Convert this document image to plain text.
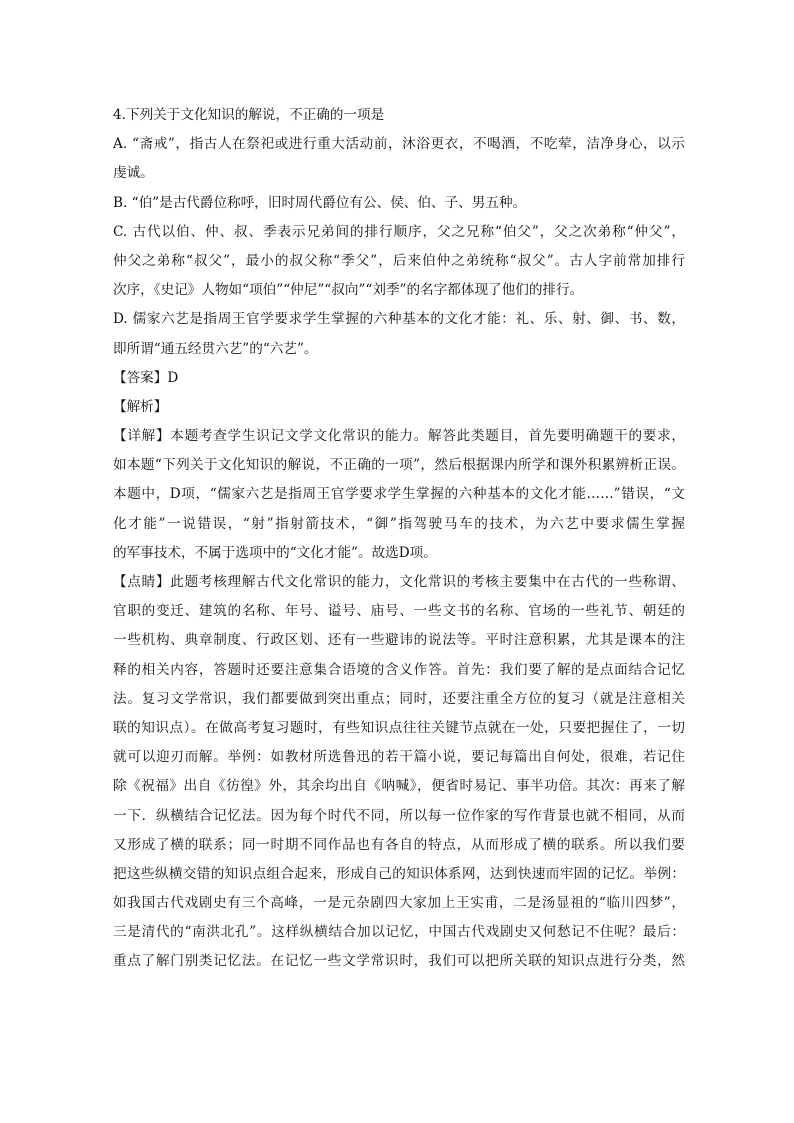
4.下列关于文化知识的解说，不正确的一项是
A. “斋戒”，指古人在祭祀或进行重大活动前，沐浴更衣，不喝酒，不吃荤，洁净身心，以示
虔诚。
B. “伯”是古代爵位称呼，旧时周代爵位有公、侯、伯、子、男五种。
C. 古代以伯、仲、叔、季表示兄弟间的排行顺序，父之兄称“伯父”，父之次弟称“仲父”，
仲父之弟称“叔父”，最小的叔父称“季父”，后来伯仲之弟统称“叔父”。古人字前常加排行
次序，《史记》人物如“项伯”“仲尼”“叔向”“刘季”的名字都体现了他们的排行。
D. 儒家六艺是指周王官学要求学生掌握的六种基本的文化才能：礼、乐、射、御、书、数，
即所谓“通五经贯六艺”的“六艺”。
【答案】D
【解析】
【详解】本题考查学生识记文学文化常识的能力。解答此类题目，首先要明确题干的要求，
如本题“下列关于文化知识的解说，不正确的一项”，然后根据课内所学和课外积累辨析正误。
本题中，D项，“儒家六艺是指周王官学要求学生掌握的六种基本的文化才能……”错误，“文
化才能”一说错误，“射”指射箭技术，“御”指驾驶马车的技术，为六艺中要求儒生掌握
的军事技术，不属于选项中的“文化才能”。故选D项。
【点睛】此题考核理解古代文化常识的能力，文化常识的考核主要集中在古代的一些称谓、
官职的变迁、建筑的名称、年号、谥号、庙号、一些文书的名称、官场的一些礼节、朝廷的
一些机构、典章制度、行政区划、还有一些避讳的说法等。平时注意积累，尤其是课本的注
释的相关内容，答题时还要注意集合语境的含义作答。首先：我们要了解的是点面结合记忆
法。复习文学常识，我们都要做到突出重点；同时，还要注重全方位的复习（就是注意相关
联的知识点）。在做高考复习题时，有些知识点往往关键节点就在一处，只要把握住了，一切
就可以迎刃而解。举例：如教材所选鲁迅的若干篇小说，要记每篇出自何处，很难，若记住
除《祝福》出自《彷徨》外，其余均出自《呐喊》，便省时易记、事半功倍。其次：再来了解
一下．纵横结合记忆法。因为每个时代不同，所以每一位作家的写作背景也就不相同，从而
又形成了横的联系；同一时期不同作品也有各自的特点，从而形成了横的联系。所以我们要
把这些纵横交错的知识点组合起来，形成自己的知识体系网，达到快速而牢固的记忆。举例：
如我国古代戏剧史有三个高峰，一是元杂剧四大家加上王实甫，二是汤显祖的“临川四梦”，
三是清代的“南洪北孔”。这样纵横结合加以记忆，中国古代戏剧史又何愁记不住呢？最后：
重点了解门别类记忆法。在记忆一些文学常识时，我们可以把所关联的知识点进行分类，然
